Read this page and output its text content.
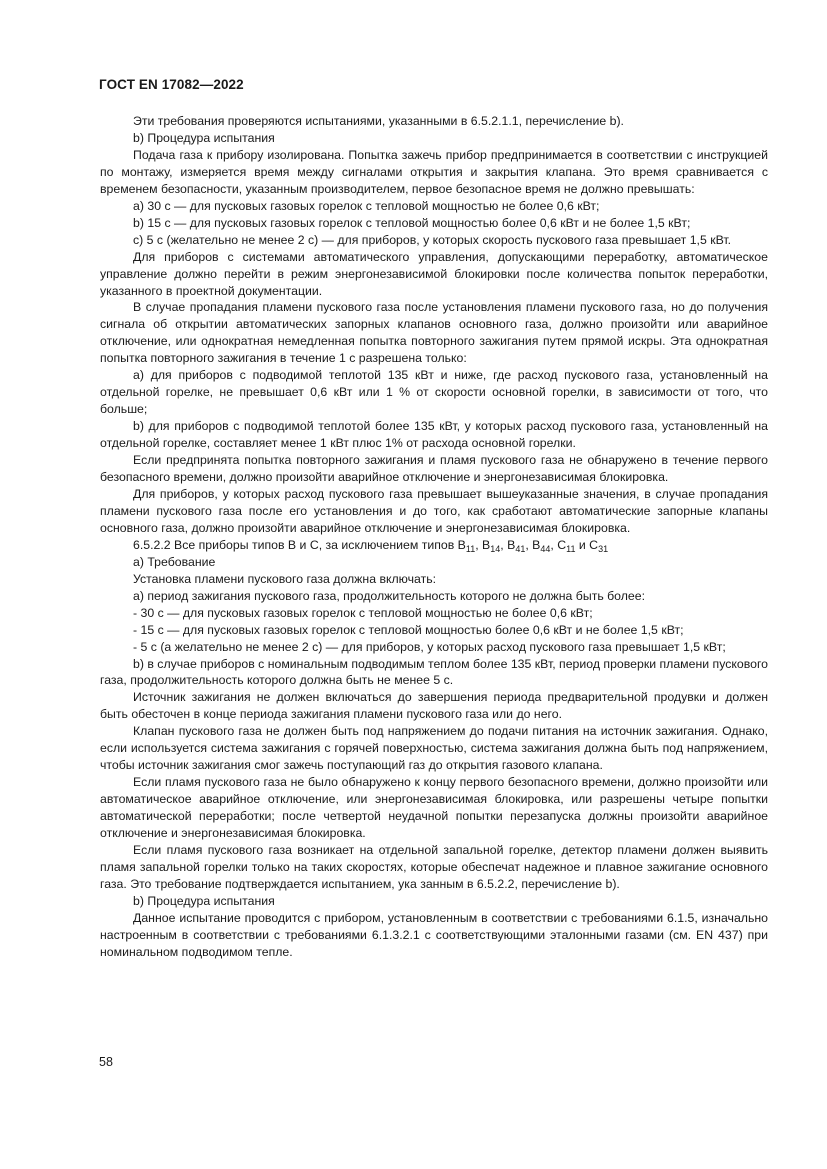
ГОСТ EN 17082—2022

Эти требования проверяются испытаниями, указанными в 6.5.2.1.1, перечисление b).

b) Процедура испытания

Подача газа к прибору изолирована. Попытка зажечь прибор предпринимается в соответствии с инструкцией по монтажу, измеряется время между сигналами открытия и закрытия клапана. Это время сравнивается с временем безопасности, указанным производителем, первое безопасное время не должно превышать:

a) 30 с — для пусковых газовых горелок с тепловой мощностью не более 0,6 кВт;

b) 15 с — для пусковых газовых горелок с тепловой мощностью более 0,6 кВт и не более 1,5 кВт;

c) 5 с (желательно не менее 2 с) — для приборов, у которых скорость пускового газа превышает 1,5 кВт.

Для приборов с системами автоматического управления, допускающими переработку, автоматическое управление должно перейти в режим энергонезависимой блокировки после количества попыток переработки, указанного в проектной документации.

В случае пропадания пламени пускового газа после установления пламени пускового газа, но до получения сигнала об открытии автоматических запорных клапанов основного газа, должно произойти или аварийное отключение, или однократная немедленная попытка повторного зажигания путем прямой искры. Эта однократная попытка повторного зажигания в течение 1 с разрешена только:

a) для приборов с подводимой теплотой 135 кВт и ниже, где расход пускового газа, установленный на отдельной горелке, не превышает 0,6 кВт или 1 % от скорости основной горелки, в зависимости от того, что больше;

b) для приборов с подводимой теплотой более 135 кВт, у которых расход пускового газа, установленный на отдельной горелке, составляет менее 1 кВт плюс 1% от расхода основной горелки.

Если предпринята попытка повторного зажигания и пламя пускового газа не обнаружено в течение первого безопасного времени, должно произойти аварийное отключение и энергонезависимая блокировка.

Для приборов, у которых расход пускового газа превышает вышеуказанные значения, в случае пропадания пламени пускового газа после его установления и до того, как сработают автоматические запорные клапаны основного газа, должно произойти аварийное отключение и энергонезависимая блокировка.

6.5.2.2 Все приборы типов B и C, за исключением типов $B_{11}$, $B_{14}$, $B_{41}$, $B_{44}$, $C_{11}$ и $C_{31}$

a) Требование

Установка пламени пускового газа должна включать:

a) период зажигания пускового газа, продолжительность которого не должна быть более:

- 30 с — для пусковых газовых горелок с тепловой мощностью не более 0,6 кВт;

- 15 с — для пусковых газовых горелок с тепловой мощностью более 0,6 кВт и не более 1,5 кВт;

- 5 с (а желательно не менее 2 с) — для приборов, у которых расход пускового газа превышает 1,5 кВт;

b) в случае приборов с номинальным подводимым теплом более 135 кВт, период проверки пламени пускового газа, продолжительность которого должна быть не менее 5 с.

Источник зажигания не должен включаться до завершения периода предварительной продувки и должен быть обесточен в конце периода зажигания пламени пускового газа или до него.

Клапан пускового газа не должен быть под напряжением до подачи питания на источник зажигания. Однако, если используется система зажигания с горячей поверхностью, система зажигания должна быть под напряжением, чтобы источник зажигания смог зажечь поступающий газ до открытия газового клапана.

Если пламя пускового газа не было обнаружено к концу первого безопасного времени, должно произойти или автоматическое аварийное отключение, или энергонезависимая блокировка, или разрешены четыре попытки автоматической переработки; после четвертой неудачной попытки перезапуска должны произойти аварийное отключение и энергонезависимая блокировка.

Если пламя пускового газа возникает на отдельной запальной горелке, детектор пламени должен выявить пламя запальной горелки только на таких скоростях, которые обеспечат надежное и плавное зажигание основного газа. Это требование подтверждается испытанием, ука занным в 6.5.2.2, перечисление b).

b) Процедура испытания

Данное испытание проводится с прибором, установленным в соответствии с требованиями 6.1.5, изначально настроенным в соответствии с требованиями 6.1.3.2.1 с соответствующими эталонными газами (см. EN 437) при номинальном подводимом тепле.

58
